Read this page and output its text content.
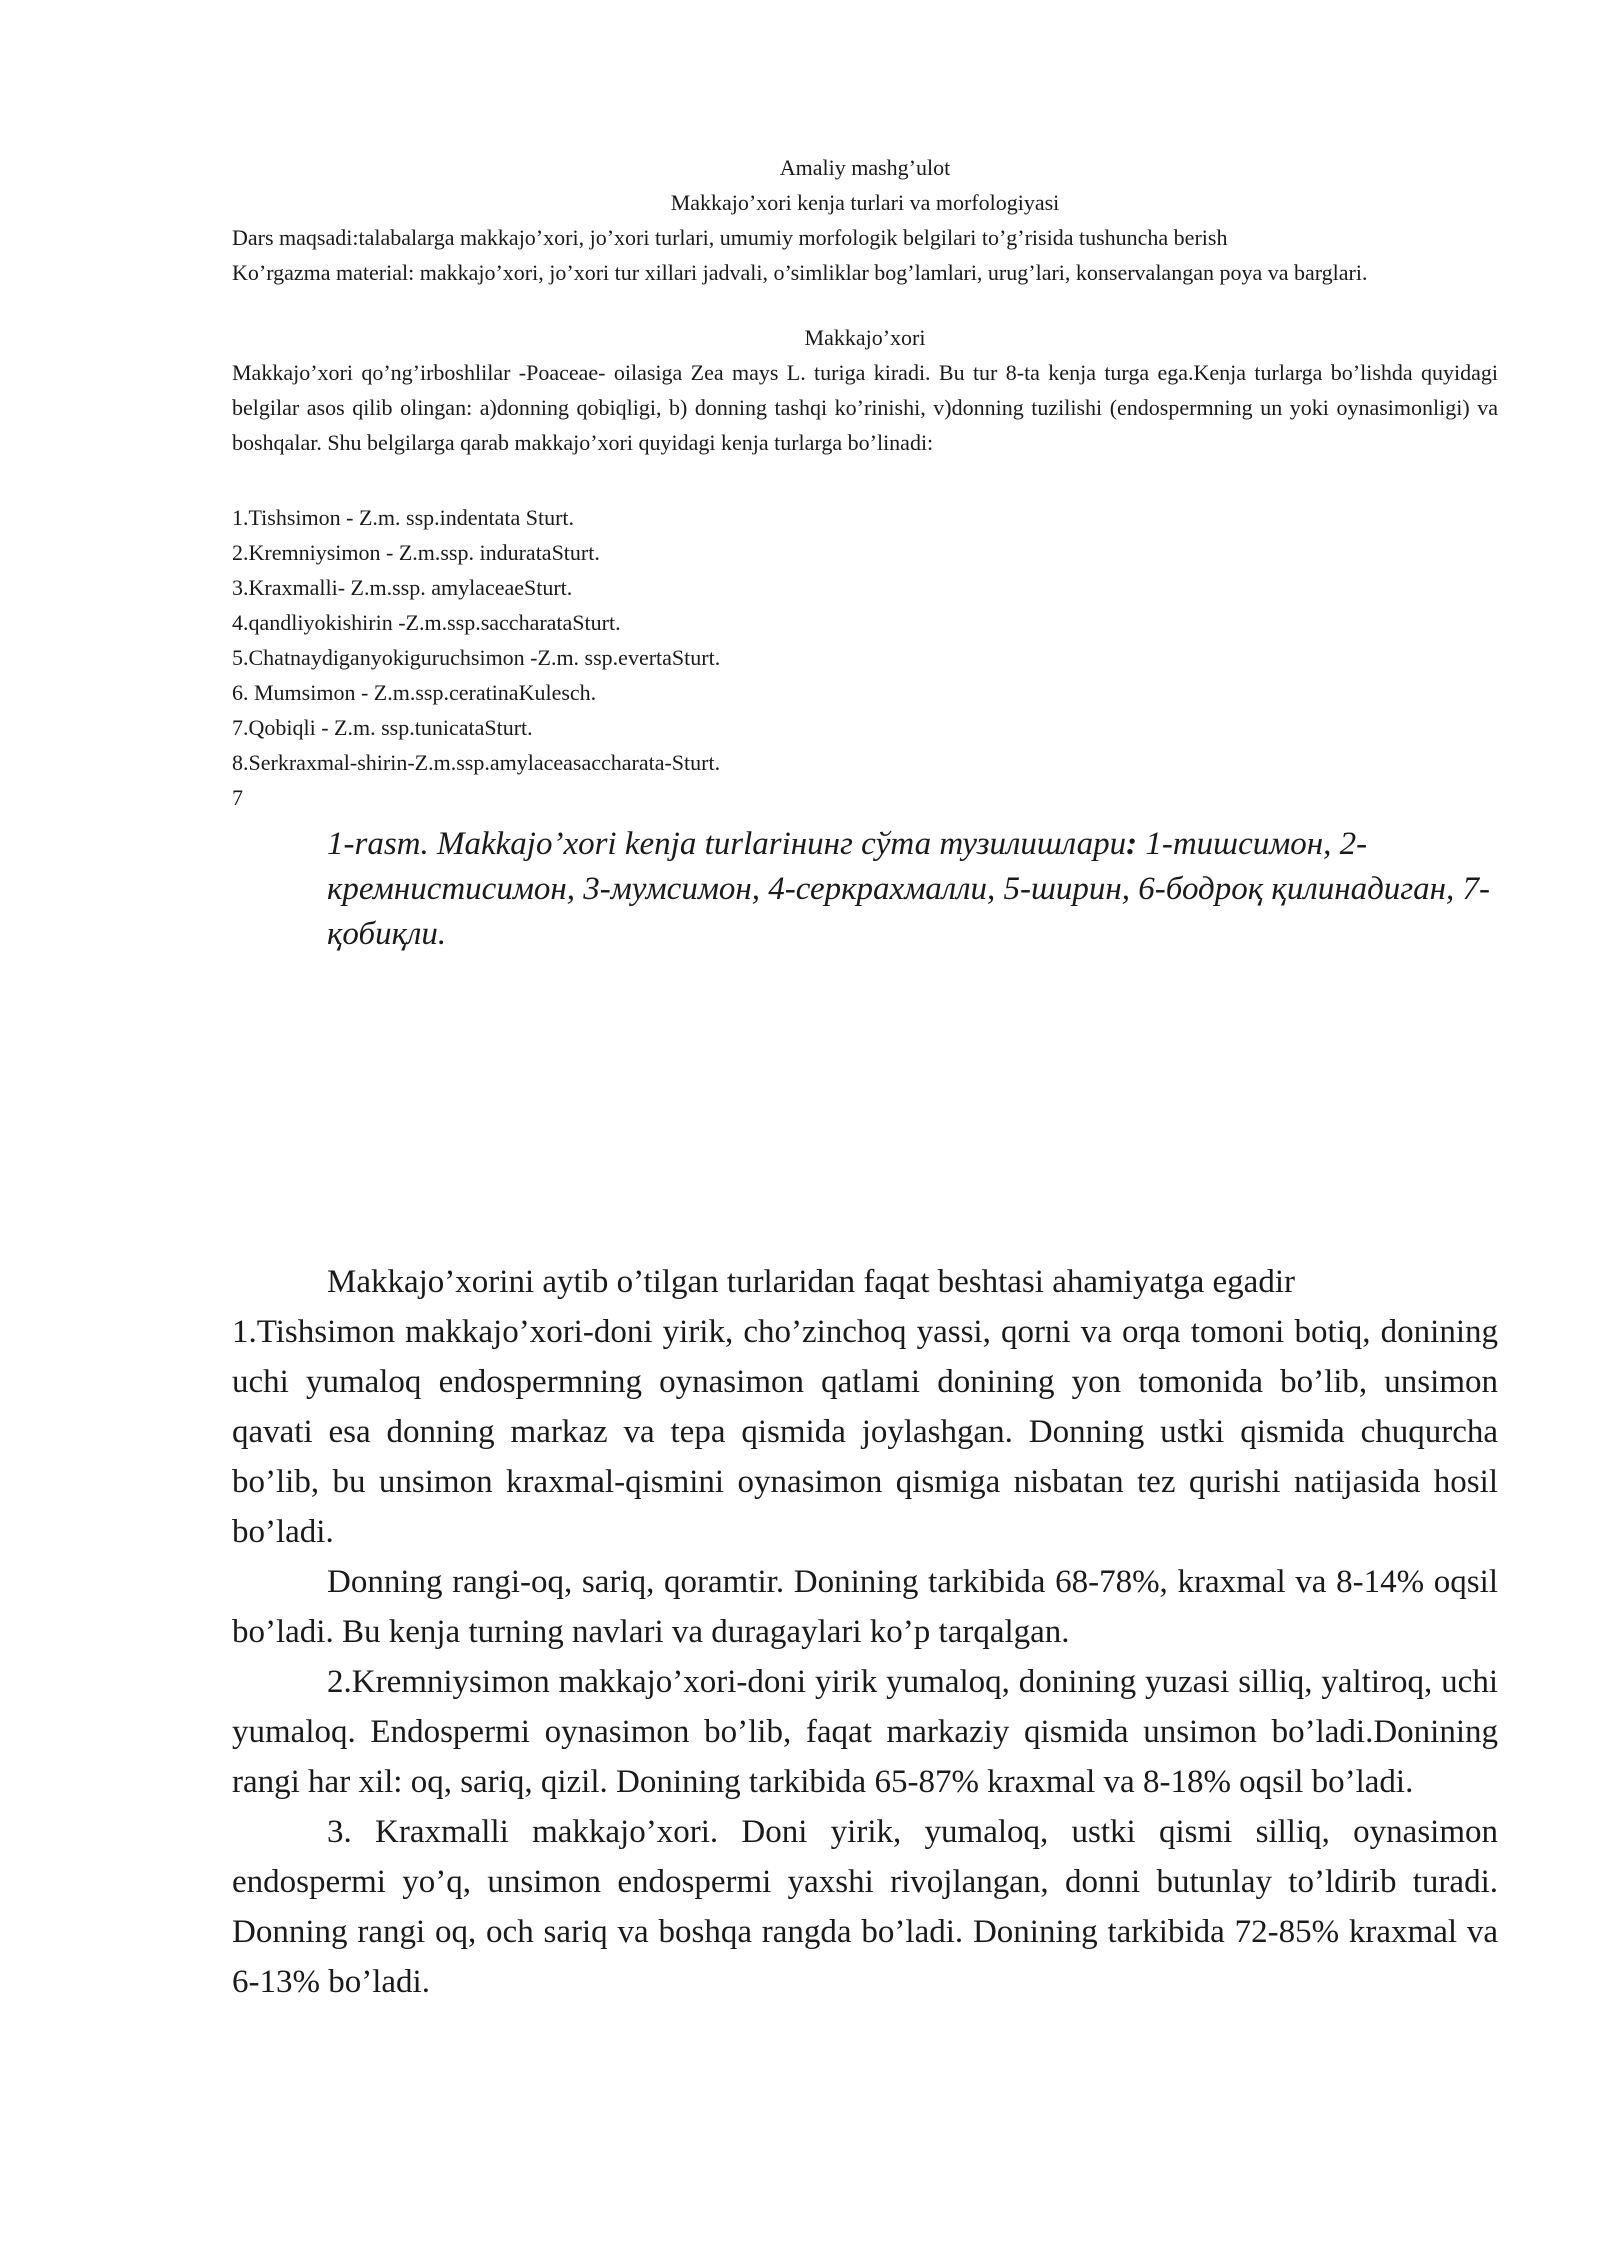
Amaliy mashg’ulot

Makkajo’xori kenja turlari va morfologiyasi

Dars maqsadi:talabalarga makkajo’xori, jo’xori turlari, umumiy morfologik belgilari to’g’risida tushuncha berish

Ko’rgazma material: makkajo’xori, jo’xori tur xillari jadvali, o’simliklar bog’lamlari, urug’lari, konservalangan poya va barglari.

Makkajo’xori

Makkajo’xori qo’ng’irboshlilar -Poaceae- oilasiga Zea mays L. turiga kiradi. Bu tur 8-ta kenja turga ega.Kenja turlarga bo’lishda quyidagi belgilar asos qilib olingan: a)donning qobiqligi, b) donning tashqi ko’rinishi, v)donning tuzilishi (endospermning un yoki oynasimonligi) va boshqalar. Shu belgilarga qarab makkajo’xori quyidagi kenja turlarga bo’linadi:

1.Tishsimon - Z.m. ssp.indentata Sturt.

2.Kremniysimon - Z.m.ssp. indurataSturt.

3.Kraxmalli- Z.m.ssp. amylaceaeSturt.

4.qandliyokishirin -Z.m.ssp.saccharataSturt.

5.Chatnaydiganyokiguruchsimon -Z.m. ssp.evertaSturt.

6. Mumsimon - Z.m.ssp.ceratinaKulesch.

7.Qobiqli - Z.m. ssp.tunicataSturt.

8.Serkraxmal-shirin-Z.m.ssp.amylaceasaccharata-Sturt.

7

1-rasm. Makkajo’xori kenja turlarінинг сўта тузилишлари: 1-тишсимон, 2-кремнистисимон, 3-мумсимон, 4-серкрахмалли, 5-ширин, 6-бодроқ қилинадиган, 7-қобиқли.

Makkajo’xorini aytib o’tilgan turlaridan faqat beshtasi ahamiyatga egadir

1.Tishsimon makkajo’xori-doni yirik, cho’zinchoq yassi, qorni va orqa tomoni botiq, donining uchi yumaloq endospermning oynasimon qatlami donining yon tomonida bo’lib, unsimon qavati esa donning markaz va tepa qismida joylashgan. Donning ustki qismida chuqurcha bo’lib, bu unsimon kraxmal-qismini oynasimon qismiga nisbatan tez qurishi natijasida hosil bo’ladi.

Donning rangi-oq, sariq, qoramtir. Donining tarkibida 68-78%, kraxmal va 8-14% oqsil bo’ladi. Bu kenja turning navlari va duragaylari ko’p tarqalgan.

2.Kremniysimon makkajo’xori-doni yirik yumaloq, donining yuzasi silliq, yaltiroq, uchi yumaloq. Endospermi oynasimon bo’lib, faqat markaziy qismida unsimon bo’ladi.Donining rangi har xil: oq, sariq, qizil. Donining tarkibida 65-87% kraxmal va 8-18% oqsil bo’ladi.

3. Kraxmalli makkajo’xori. Doni yirik, yumaloq, ustki qismi silliq, oynasimon endospermi yo’q, unsimon endospermi yaxshi rivojlangan, donni butunlay to’ldirib turadi. Donning rangi oq, och sariq va boshqa rangda bo’ladi. Donining tarkibida 72-85% kraxmal va 6-13% bo’ladi.
